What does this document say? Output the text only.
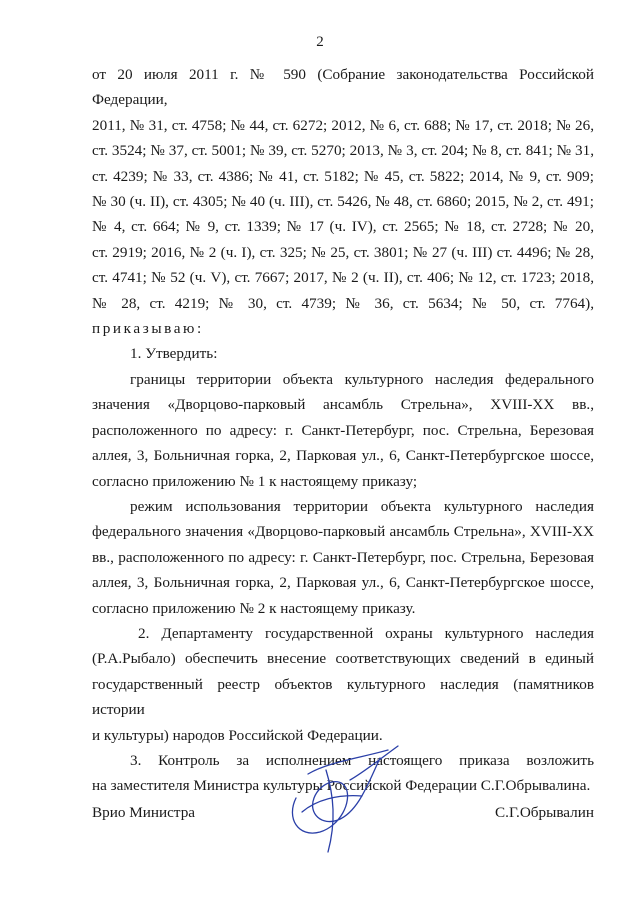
2

от 20 июля 2011 г. № 590 (Собрание законодательства Российской Федерации,

2011, № 31, ст. 4758; № 44, ст. 6272; 2012, № 6, ст. 688; № 17, ст. 2018; № 26,

ст. 3524; № 37, ст. 5001; № 39, ст. 5270; 2013, № 3, ст. 204; № 8, ст. 841; № 31,

ст. 4239; № 33, ст. 4386; № 41, ст. 5182; № 45, ст. 5822; 2014, № 9, ст. 909;

№ 30 (ч. II), ст. 4305; № 40 (ч. III), ст. 5426, № 48, ст. 6860; 2015, № 2, ст. 491;

№ 4, ст. 664; № 9, ст. 1339; № 17 (ч. IV), ст. 2565; № 18, ст. 2728; № 20,

ст. 2919; 2016, № 2 (ч. I), ст. 325; № 25, ст. 3801; № 27 (ч. III) ст. 4496; № 28,

ст. 4741; № 52 (ч. V), ст. 7667; 2017, № 2 (ч. II), ст. 406; № 12, ст. 1723; 2018,

№ 28, ст. 4219; № 30, ст. 4739; № 36, ст. 5634; № 50, ст. 7764),

приказываю:

1. Утвердить:

границы территории объекта культурного наследия федерального

значения «Дворцово-парковый ансамбль Стрельна», XVIII-XX вв.,

расположенного по адресу: г. Санкт-Петербург, пос. Стрельна, Березовая

аллея, 3, Больничная горка, 2, Парковая ул., 6, Санкт-Петербургское шоссе,

согласно приложению № 1 к настоящему приказу;

режим использования территории объекта культурного наследия

федерального значения «Дворцово-парковый ансамбль Стрельна», XVIII-XX

вв., расположенного по адресу: г. Санкт-Петербург, пос. Стрельна, Березовая

аллея, 3, Больничная горка, 2, Парковая ул., 6, Санкт-Петербургское шоссе,

согласно приложению № 2 к настоящему приказу.

2. Департаменту государственной охраны культурного наследия

(Р.А.Рыбало) обеспечить внесение соответствующих сведений в единый

государственный реестр объектов культурного наследия (памятников истории

и культуры) народов Российской Федерации.

3. Контроль за исполнением настоящего приказа возложить

на заместителя Министра культуры Российской Федерации С.Г.Обрывалина.

Врио Министра	С.Г.Обрывалин
